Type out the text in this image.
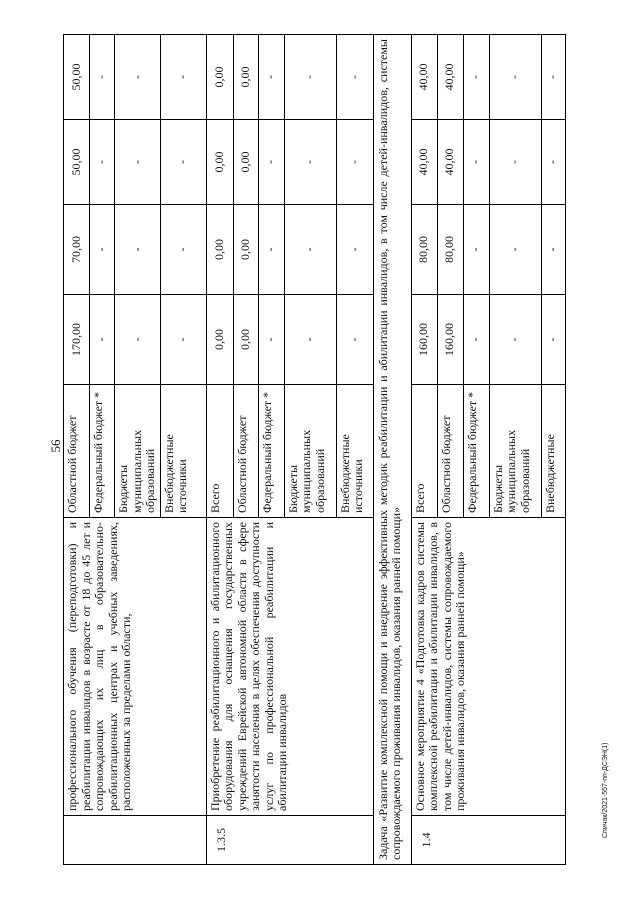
56
Спичак/2021-557-пп-ДСЭН(1)
	профессионального обучения (переподготовки) и реабилитации инвалидов в возрасте от 18 до 45 лет и сопровождающих их лиц в образовательно-реабилитационных центрах и учебных заведениях, расположенных за пределами области,	Областной бюджет	170,00	70,00	50,00	50,00
		Федеральный бюджет *	-	-	-	-
		Бюджеты муниципальных образований	-	-	-	-
		Внебюджетные источники	-	-	-	-
1.3.5	Приобретение реабилитационного и абилитационного оборудования для оснащения государственных учреждений Еврейской автономной области в сфере занятости населения в целях обеспечения доступности услуг по профессиональной реабилитации и абилитации инвалидов	Всего	0,00	0,00	0,00	0,00
		Областной бюджет	0,00	0,00	0,00	0,00
		Федеральный бюджет *	-	-	-	-
		Бюджеты муниципальных образований	-	-	-	-
		Внебюджетные источники	-	-	-	-
Задача «Развитие комплексной помощи и внедрение эффективных методик реабилитации и абилитации инвалидов, в том числе детей-инвалидов, системы сопровождаемого проживания инвалидов, оказания ранней помощи»						
1.4	Основное мероприятие 4 «Подготовка кадров системы комплексной реабилитации и абилитации инвалидов, в том числе детей-инвалидов, системы сопровождаемого проживания инвалидов, оказания ранней помощи»	Всего	160,00	80,00	40,00	40,00
		Областной бюджет	160,00	80,00	40,00	40,00
		Федеральный бюджет *	-	-	-	-
		Бюджеты муниципальных образований	-	-	-	-
		Внебюджетные	-	-	-	-
